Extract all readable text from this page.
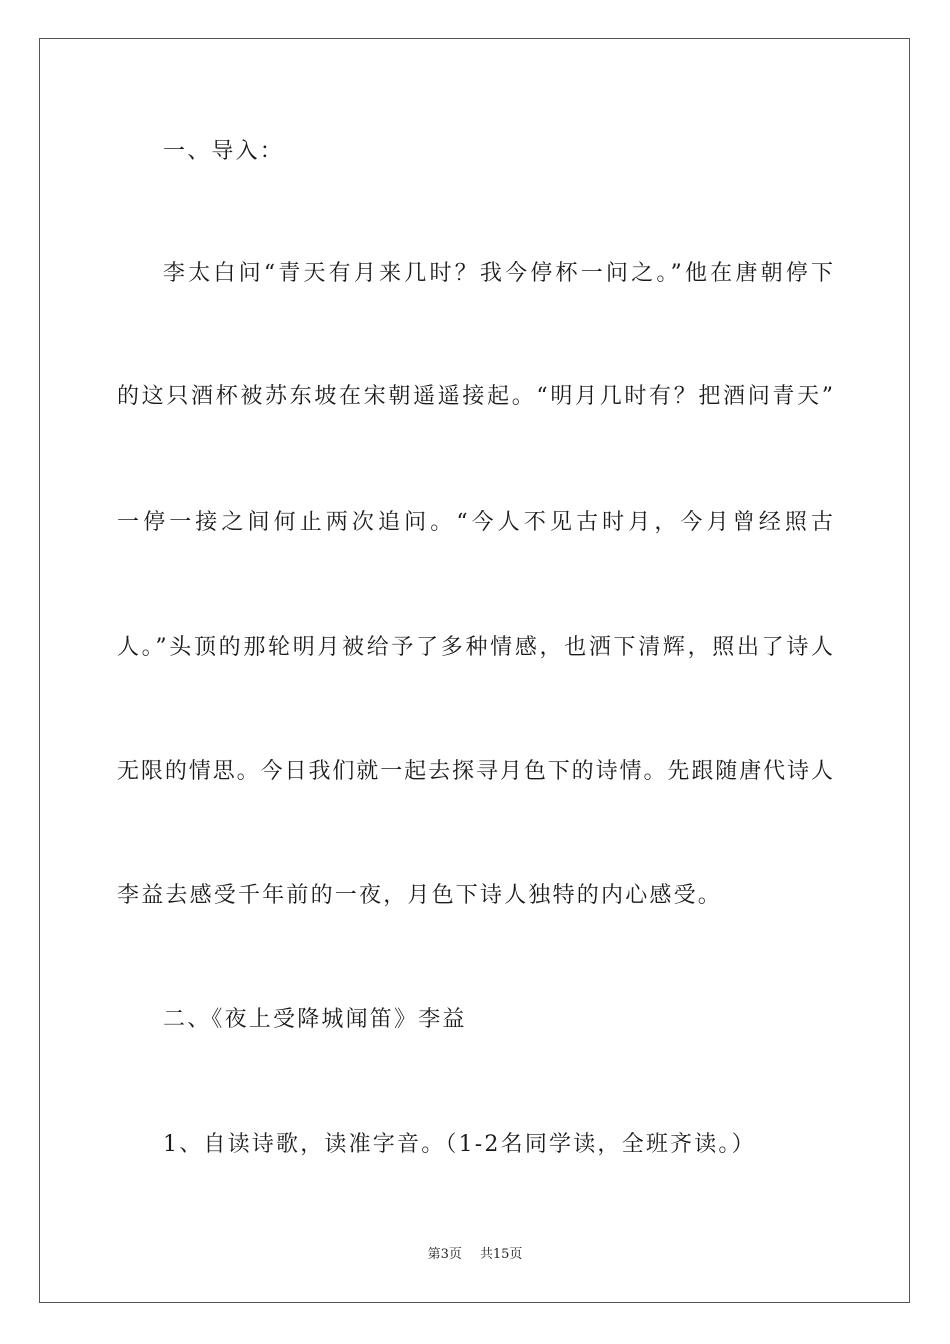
一、导入：
李太白问“青天有月来几时？我今停杯一问之。”他在唐朝停下
的这只酒杯被苏东坡在宋朝遥遥接起。“明月几时有？把酒问青天”
一停一接之间何止两次追问。“今人不见古时月，今月曾经照古
人。”头顶的那轮明月被给予了多种情感，也洒下清辉，照出了诗人
无限的情思。今日我们就一起去探寻月色下的诗情。先跟随唐代诗人
李益去感受千年前的一夜，月色下诗人独特的内心感受。
二、《夜上受降城闻笛》李益
1、自读诗歌，读准字音。（1-2名同学读，全班齐读。）
第3页 共15页
